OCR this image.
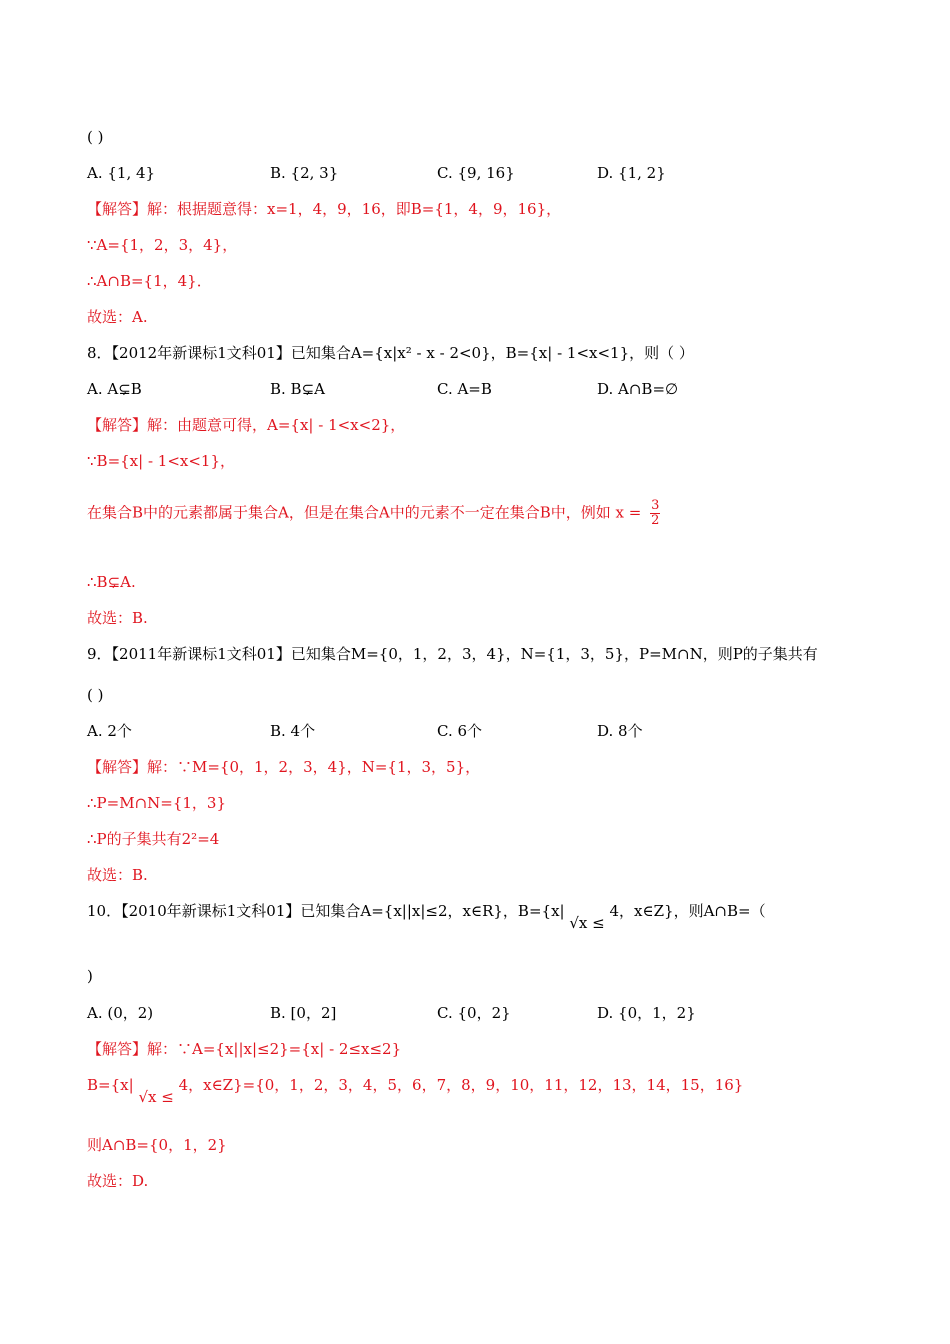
( )
A. {1, 4}	B. {2, 3}	C. {9, 16}	D. {1, 2}
【解答】解：根据题意得：x=1，4，9，16，即B={1，4，9，16}，
∵A={1，2，3，4}，
∴A∩B={1，4}．
故选：A.
8．【2012年新课标1文科01】已知集合A={x|x² - x - 2<0}，B={x| - 1<x<1}，则（ ）
A. A⊊B	B. B⊊A	C. A=B	D. A∩B=∅
【解答】解：由题意可得，A={x| - 1<x<2}，
∵B={x| - 1<x<1}，
在集合B中的元素都属于集合A，但是在集合A中的元素不一定在集合B中，例如 $x = \frac{3}{2}$
∴B⊊A.
故选：B.
9．【2011年新课标1文科01】已知集合M={0，1，2，3，4}，N={1，3，5}，P=M∩N，则P的子集共有
( )
A. 2个	B. 4个	C. 6个	D. 8个
【解答】解：∵M={0，1，2，3，4}，N={1，3，5}，
∴P=M∩N={1，3}
∴P的子集共有2²=4
故选：B.
10．【2010年新课标1文科01】已知集合A={x||x|≤2，x∈R}，B={x| √x ≤ 4，x∈Z}，则A∩B=（
)
A. (0，2)	B. [0，2]	C. {0，2}	D. {0，1，2}
【解答】解：∵A={x||x|≤2}={x| - 2≤x≤2}
B={x| √x ≤ 4，x∈Z}={0，1，2，3，4，5，6，7，8，9，10，11，12，13，14，15，16}
则A∩B={0，1，2}
故选：D.
